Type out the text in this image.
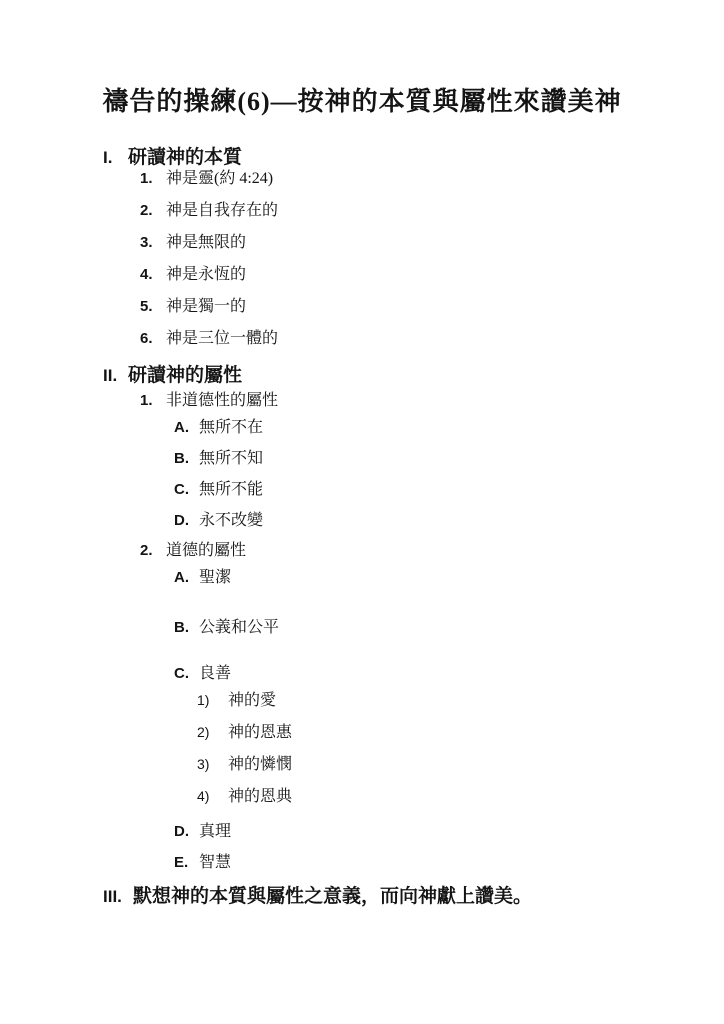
禱告的操練(6)—按神的本質與屬性來讚美神
I. 研讀神的本質
1. 神是靈(約 4:24)
2. 神是自我存在的
3. 神是無限的
4. 神是永恆的
5. 神是獨一的
6. 神是三位一體的
II. 研讀神的屬性
1. 非道德性的屬性
A. 無所不在
B. 無所不知
C. 無所不能
D. 永不改變
2. 道德的屬性
A. 聖潔
B. 公義和公平
C. 良善
1)	神的愛
2)	神的恩惠
3)	神的憐憫
4)	神的恩典
D. 真理
E. 智慧
III. 默想神的本質與屬性之意義，而向神獻上讚美。
